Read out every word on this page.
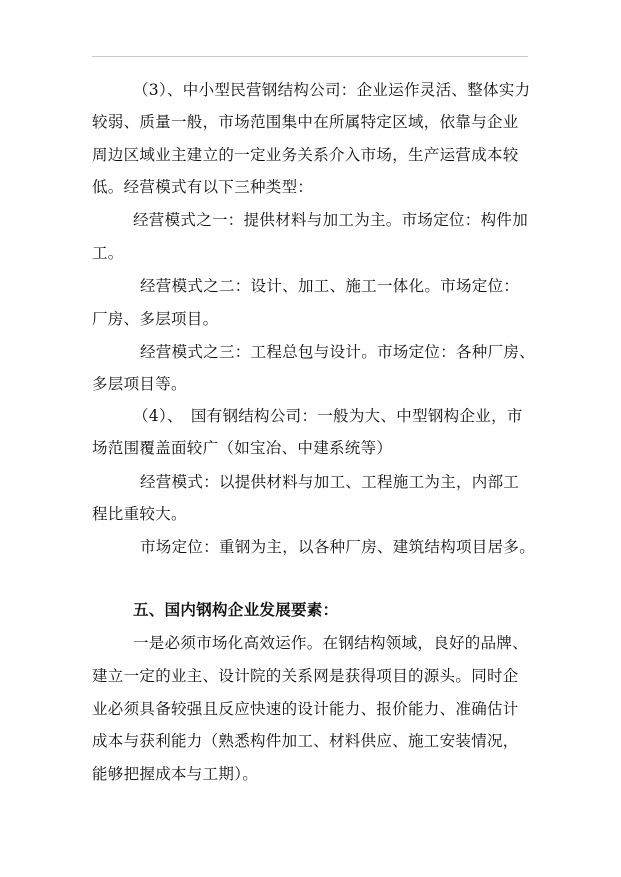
（3）、中小型民营钢结构公司：企业运作灵活、整体实力
较弱、质量一般，市场范围集中在所属特定区域，依靠与企业
周边区域业主建立的一定业务关系介入市场，生产运营成本较
低。经营模式有以下三种类型：
经营模式之一：提供材料与加工为主。市场定位：构件加
工。
经营模式之二：设计、加工、施工一体化。市场定位：
厂房、多层项目。
经营模式之三：工程总包与设计。市场定位：各种厂房、
多层项目等。
（4）、　国有钢结构公司：一般为大、中型钢构企业，市
场范围覆盖面较广（如宝冶、中建系统等）
经营模式：以提供材料与加工、工程施工为主，内部工
程比重较大。
市场定位：重钢为主，以各种厂房、建筑结构项目居多。
五、国内钢构企业发展要素：
一是必须市场化高效运作。在钢结构领域，良好的品牌、
建立一定的业主、设计院的关系网是获得项目的源头。同时企
业必须具备较强且反应快速的设计能力、报价能力、准确估计
成本与获利能力（熟悉构件加工、材料供应、施工安装情况，
能够把握成本与工期）。
